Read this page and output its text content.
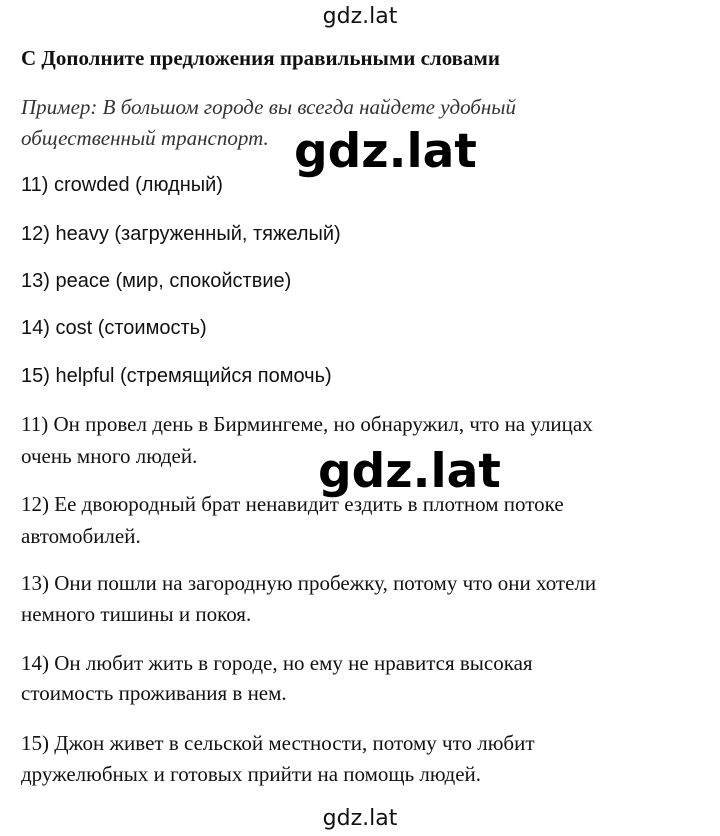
gdz.lat
C Дополните предложения правильными словами
Пример: В большом городе вы всегда найдете удобный
общественный транспорт. gdz.lat
11) crowded (людный)
12) heavy (загруженный, тяжелый)
13) peace (мир, спокойствие)
14) cost (стоимость)
15) helpful (стремящийся помочь)
11) Он провел день в Бирмингеме, но обнаружил, что на улицах
очень много людей.	gdz.lat
12) Ее двоюродный брат ненавидит ездить в плотном потоке
автомобилей.
13) Они пошли на загородную пробежку, потому что они хотели
немного тишины и покоя.
14) Он любит жить в городе, но ему не нравится высокая
стоимость проживания в нем.
15) Джон живет в сельской местности, потому что любит
дружелюбных и готовых прийти на помощь людей.
gdz.lat
